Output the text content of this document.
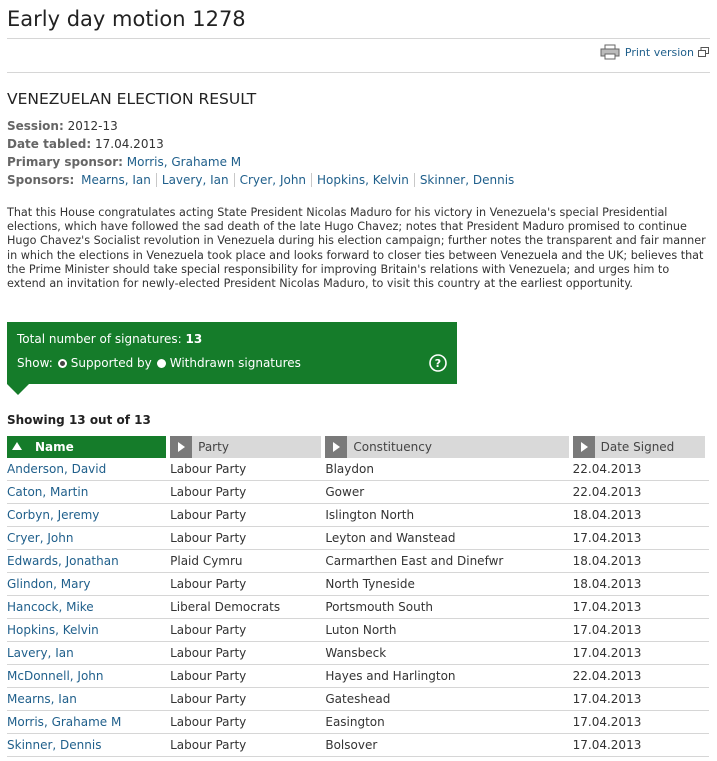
Early day motion 1278
Print version
VENEZUELAN ELECTION RESULT
Session: 2012-13
Date tabled: 17.04.2013
Primary sponsor: Morris, Grahame M
Sponsors: Mearns, Ian Lavery, Ian Cryer, John Hopkins, Kelvin Skinner, Dennis

That this House congratulates acting State President Nicolas Maduro for his victory in Venezuela's special Presidential elections, which have followed the sad death of the late Hugo Chavez; notes that President Maduro promised to continue Hugo Chavez's Socialist revolution in Venezuela during his election campaign; further notes the transparent and fair manner in which the elections in Venezuela took place and looks forward to closer ties between Venezuela and the UK; believes that the Prime Minister should take special responsibility for improving Britain's relations with Venezuela; and urges him to extend an invitation for newly-elected President Nicolas Maduro, to visit this country at the earliest opportunity.

Total number of signatures: 13
Show: Supported by Withdrawn signatures	?
Showing 13 out of 13
Name	Party	Constituency	Date Signed

Anderson, David	Labour Party	Blaydon	22.04.2013
Caton, Martin	Labour Party	Gower	22.04.2013
Corbyn, Jeremy	Labour Party	Islington North	18.04.2013
Cryer, John	Labour Party	Leyton and Wanstead	17.04.2013
Edwards, Jonathan	Plaid Cymru	Carmarthen East and Dinefwr	18.04.2013
Glindon, Mary	Labour Party	North Tyneside	18.04.2013
Hancock, Mike	Liberal Democrats	Portsmouth South	17.04.2013
Hopkins, Kelvin	Labour Party	Luton North	17.04.2013
Lavery, Ian	Labour Party	Wansbeck	17.04.2013
McDonnell, John	Labour Party	Hayes and Harlington	22.04.2013
Mearns, Ian	Labour Party	Gateshead	17.04.2013
Morris, Grahame M	Labour Party	Easington	17.04.2013
Skinner, Dennis	Labour Party	Bolsover	17.04.2013
